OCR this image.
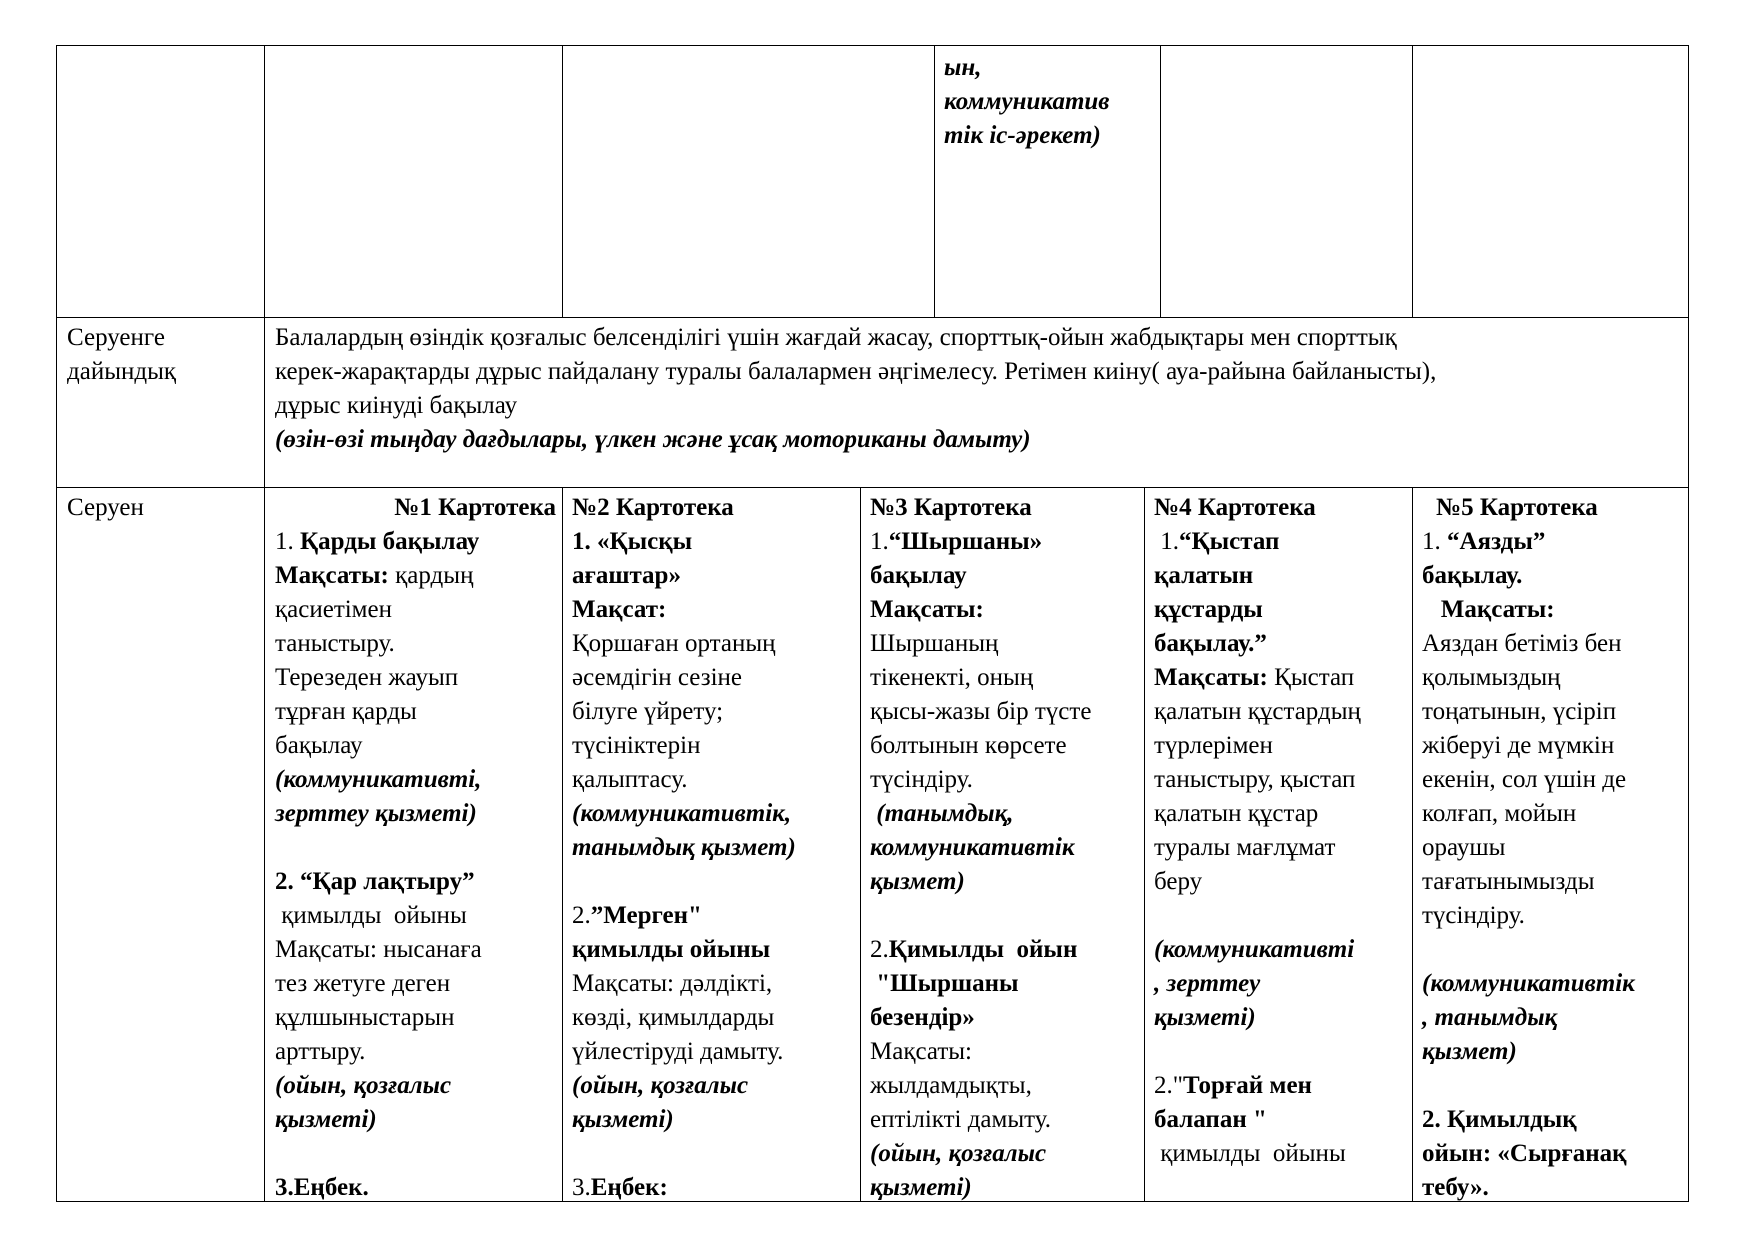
ын,
коммуникатив
тік іс-әрекет)
Серуенге
дайындық
Балалардың өзіндік қозғалыс белсенділігі үшін жағдай жасау, спорттық-ойын жабдықтары мен спорттық
керек-жарақтарды дұрыс пайдалану туралы балалармен әңгімелесу. Ретімен киіну( ауа-райына байланысты),
дұрыс киінуді бақылау
(өзін-өзі тыңдау дағдылары, үлкен және ұсақ моториканы дамыту)
Серуен	№1 Картотека
1. Қарды бақылау
Мақсаты: қардың
қасиетімен
таныстыру.
Терезеден жауып
тұрған қарды
бақылау
(коммуникативті,
зерттеу қызметі)
2. “Қар лақтыру”
қимылды  ойыны
Мақсаты: нысанаға
тез жетуге деген
құлшыныстарын
арттыру.
(ойын, қозғалыс
қызметі)
3.Еңбек.
№2 Картотека
1. «Қысқы
ағаштар»
Мақсат:
Қоршаған ортаның
әсемдігін сезіне
білуге үйрету;
түсініктерін
қалыптасу.
(коммуникативтік,
танымдық қызмет)
2.”Мерген"
қимылды ойыны
Мақсаты: дәлдікті,
көзді, қимылдарды
үйлестіруді дамыту.
(ойын, қозғалыс
қызметі)
3.Еңбек:
№3 Картотека
1.“Шыршаны»
бақылау
Мақсаты:
Шыршаның
тікенекті, оның
қысы-жазы бір түсте
болтынын көрсете
түсіндіру.
(танымдық,
коммуникативтік
қызмет)
2.Қимылды  ойын
"Шыршаны
безендір»
Мақсаты:
жылдамдықты,
ептілікті дамыту.
(ойын, қозғалыс
қызметі)
№4 Картотека
1.“Қыстап
қалатын
құстарды
бақылау.”
Мақсаты: Қыстап
қалатын құстардың
түрлерімен
таныстыру, қыстап
қалатын құстар
туралы мағлұмат
беру
(коммуникативті
, зерттеу
қызметі)
2."Торғай мен
балапан "
қимылды  ойыны
№5 Картотека
1. “Аязды”
бақылау.
Мақсаты:
Аяздан бетіміз бен
қолымыздың
тоңатынын, үсіріп
жіберуі де мүмкін
екенін, сол үшін де
колғап, мойын
ораушы
тағатынымызды
түсіндіру.
(коммуникативтік
, танымдық
қызмет)
2. Қимылдық
ойын: «Сырғанақ
тебу».
